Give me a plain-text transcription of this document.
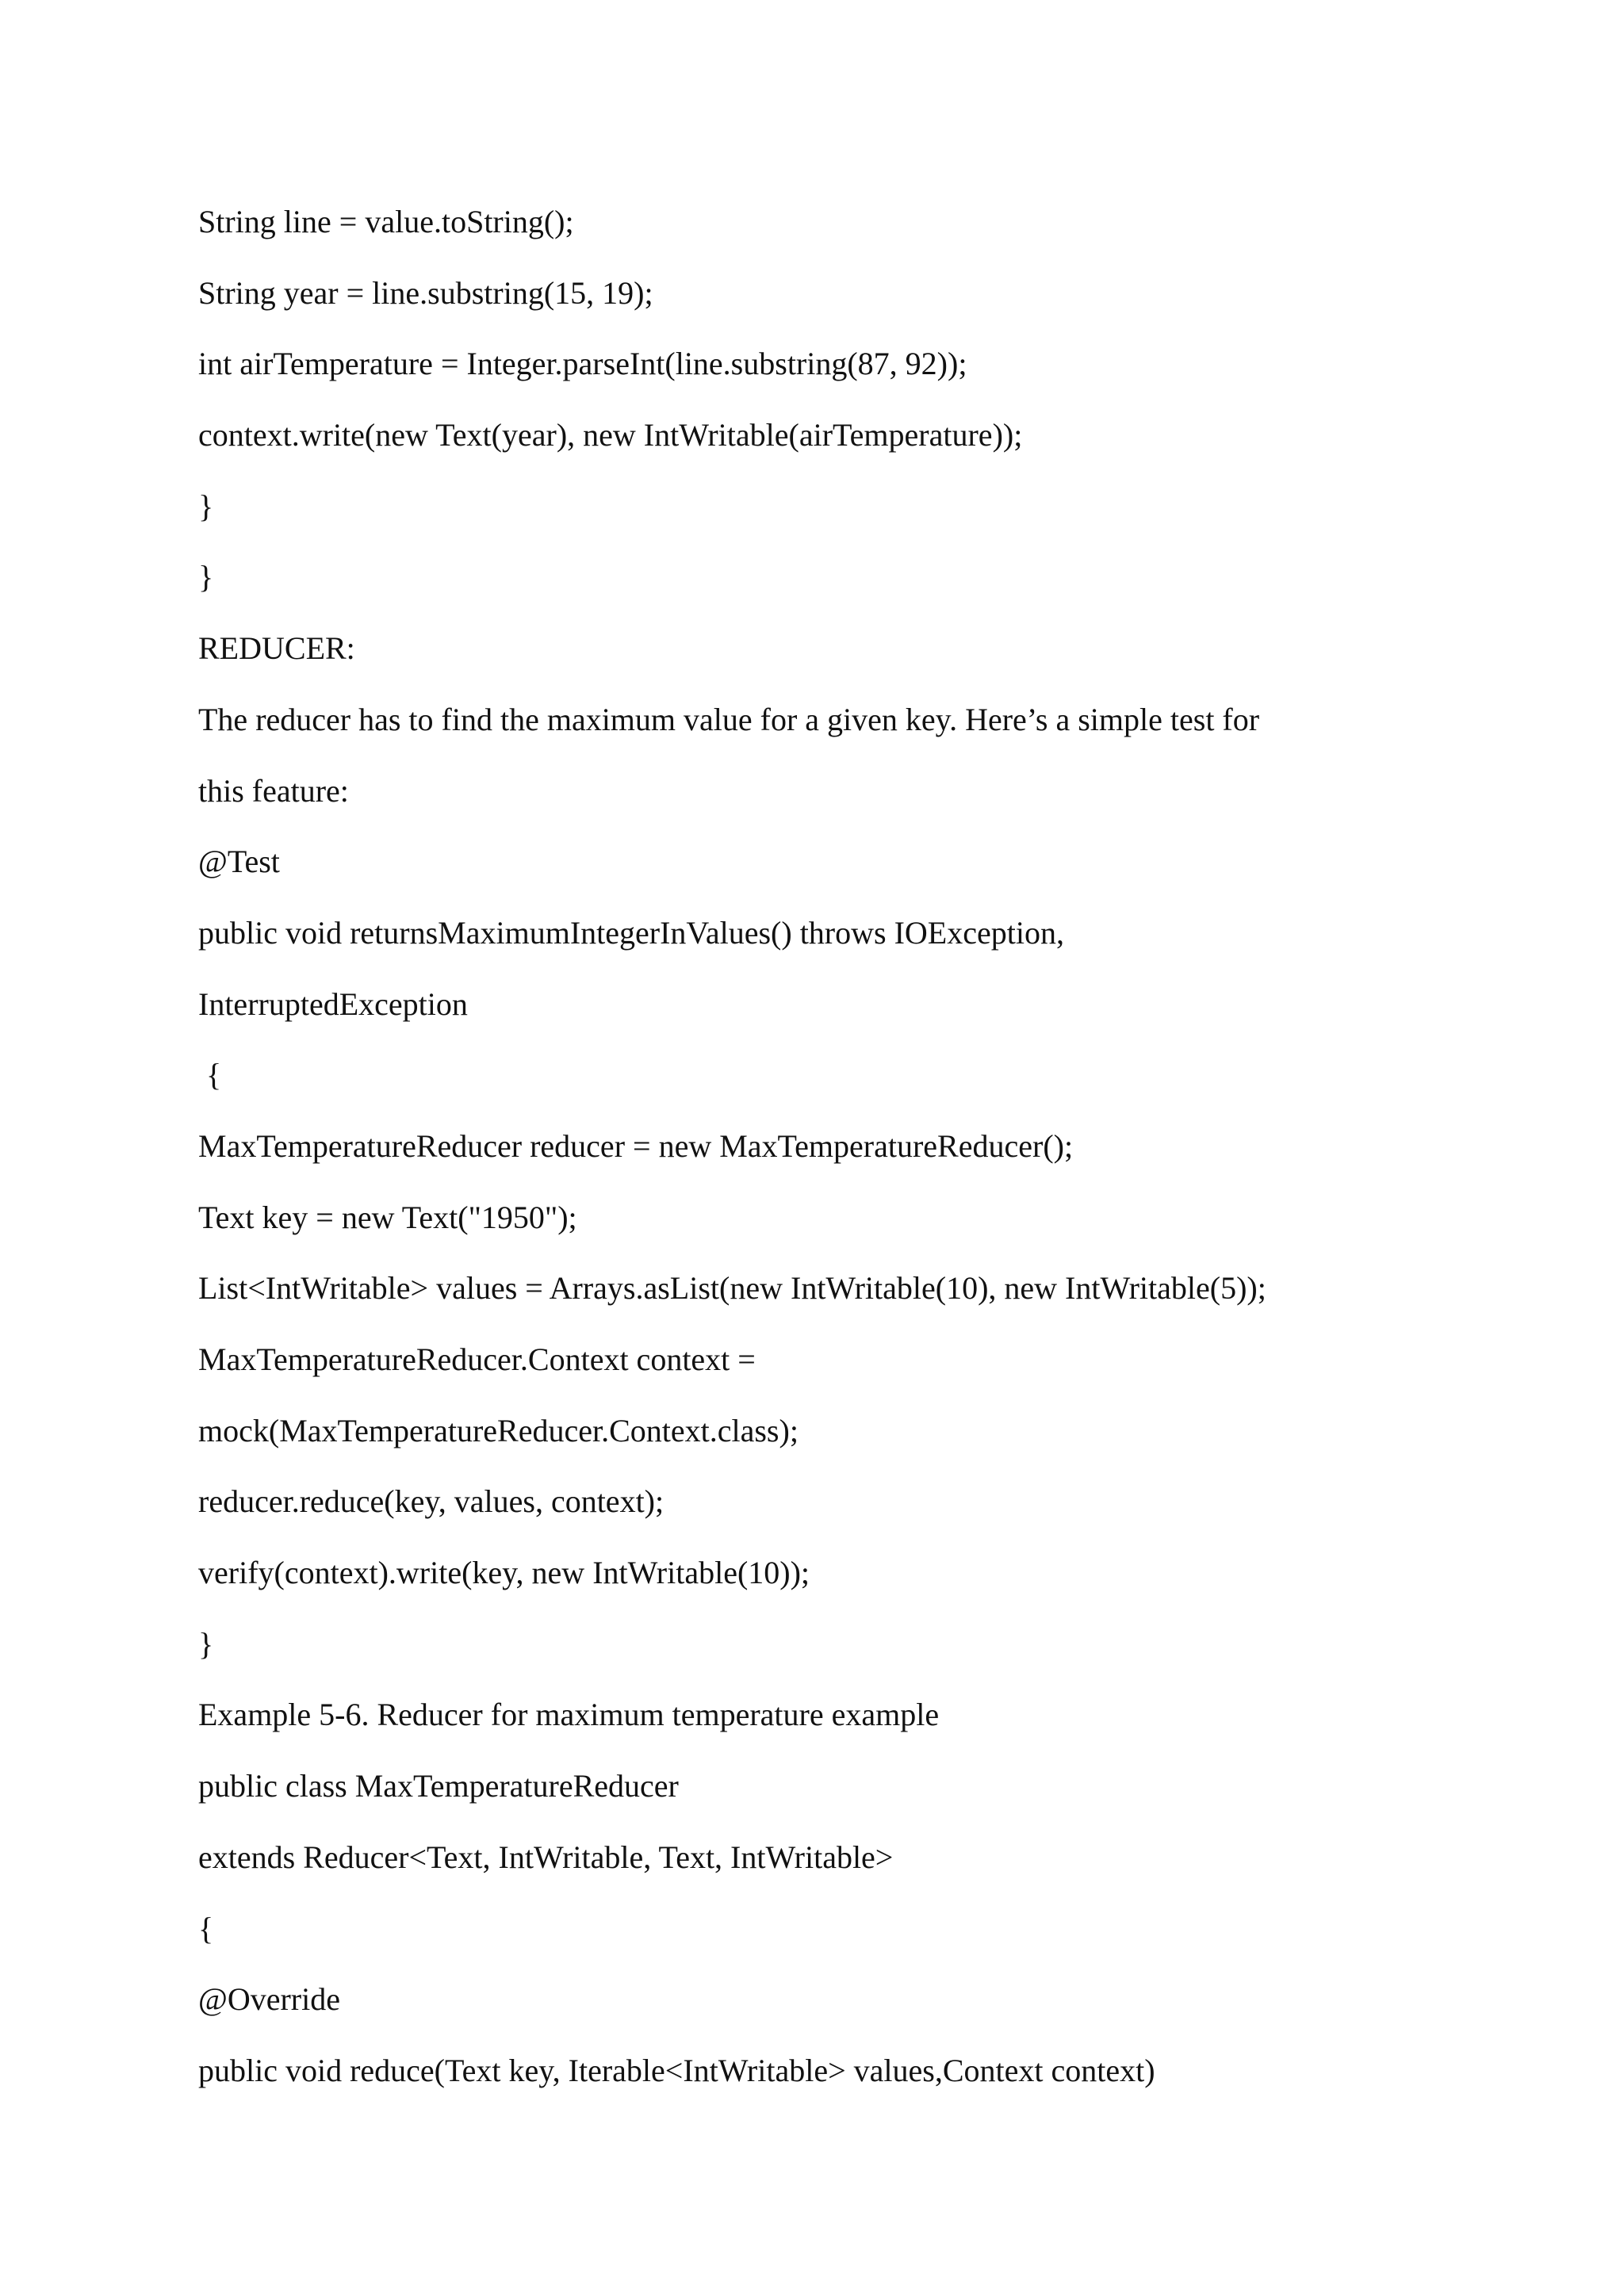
String line = value.toString();
String year = line.substring(15, 19);
int airTemperature = Integer.parseInt(line.substring(87, 92));
context.write(new Text(year), new IntWritable(airTemperature));
}
}
REDUCER:
The reducer has to find the maximum value for a given key. Here’s a simple test for
this feature:
@Test
public void returnsMaximumIntegerInValues() throws IOException,
InterruptedException
{
MaxTemperatureReducer reducer = new MaxTemperatureReducer();
Text key = new Text("1950");
List<IntWritable> values = Arrays.asList(new IntWritable(10), new IntWritable(5));
MaxTemperatureReducer.Context context =
mock(MaxTemperatureReducer.Context.class);
reducer.reduce(key, values, context);
verify(context).write(key, new IntWritable(10));
}
Example 5-6. Reducer for maximum temperature example
public class MaxTemperatureReducer
extends Reducer<Text, IntWritable, Text, IntWritable>
{
@Override
public void reduce(Text key, Iterable<IntWritable> values,Context context)
